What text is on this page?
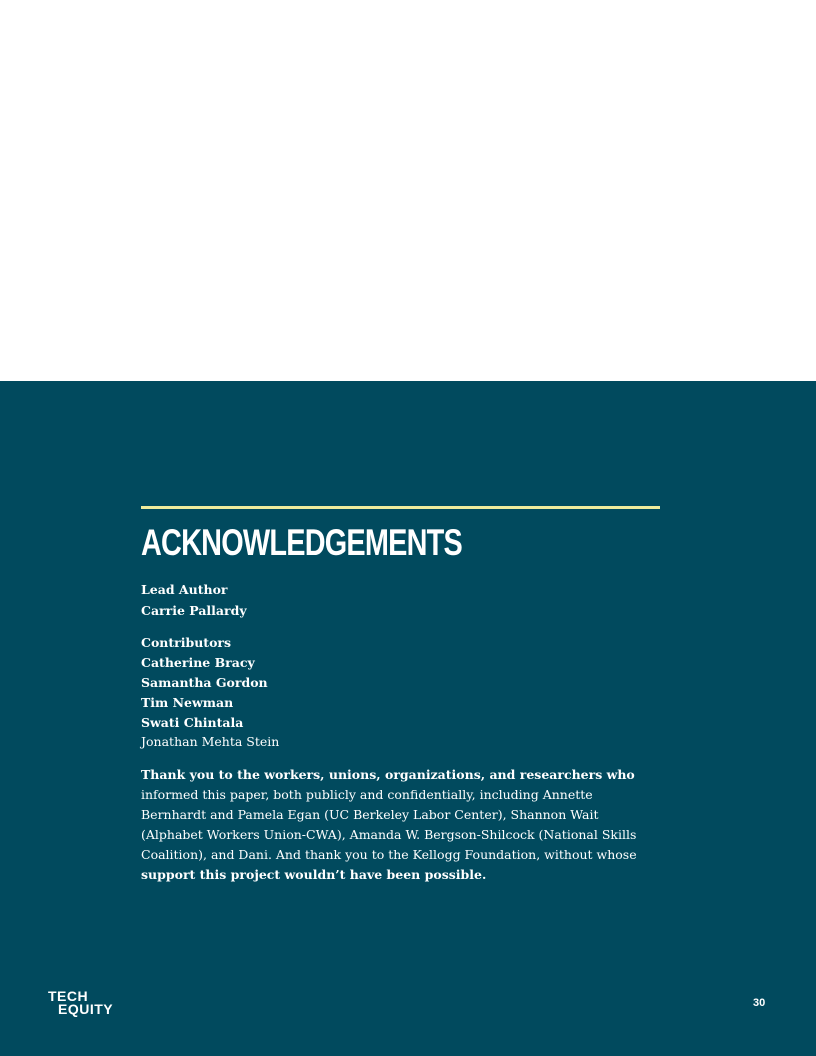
ACKNOWLEDGEMENTS

Lead Author

Carrie Pallardy

Contributors

Catherine Bracy

Samantha Gordon

Tim Newman

Swati Chintala

Jonathan Mehta Stein

Thank you to the workers, unions, organizations, and researchers who
informed this paper, both publicly and confidentially, including Annette
Bernhardt and Pamela Egan (UC Berkeley Labor Center), Shannon Wait
(Alphabet Workers Union-CWA), Amanda W. Bergson-Shilcock (National Skills
Coalition), and Dani. And thank you to the Kellogg Foundation, without whose
support this project wouldn’t have been possible.
TECH
EQUITY	30
